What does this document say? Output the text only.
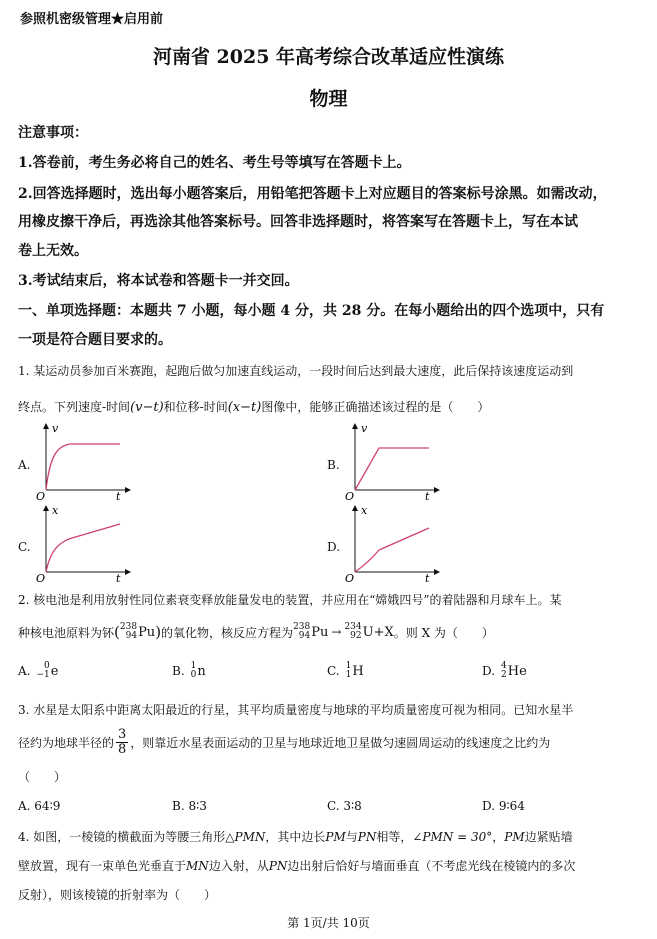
参照机密级管理★启用前
河南省 2025 年高考综合改革适应性演练
物理
注意事项：
1.答卷前，考生务必将自己的姓名、考生号等填写在答题卡上。
2.回答选择题时，选出每小题答案后，用铅笔把答题卡上对应题目的答案标号涂黑。如需改动，
用橡皮擦干净后，再选涂其他答案标号。回答非选择题时，将答案写在答题卡上，写在本试
卷上无效。
3.考试结束后，将本试卷和答题卡一并交回。
一、单项选择题：本题共 7 小题，每小题 4 分，共 28 分。在每小题给出的四个选项中，只有
一项是符合题目要求的。
1. 某运动员参加百米赛跑，起跑后做匀加速直线运动，一段时间后达到最大速度，此后保持该速度运动到
终点。下列速度-时间(v−t)和位移-时间(x−t)图像中，能够正确描述该过程的是（　　）
A.
v
t
O
B.
v
t
O
C.
x
t
O
D.
x
t
O
2. 核电池是利用放射性同位素衰变释放能量发电的装置，并应用在“嫦娥四号”的着陆器和月球车上。某
种核电池原料为钚 ( 238
94 Pu ) 的氧化物，核反应方程为 238
94 Pu → 234
92 U +X 。则 X 为（　　）
A.	0
−1 e	B. 1
0 n	C. 1
1 H	D. 4
2 He
3. 水星是太阳系中距离太阳最近的行星，其平均质量密度与地球的平均质量密度可视为相同。已知水星半
径约为地球半径的 $\frac{3}{8}$ ，则靠近水星表面运动的卫星与地球近地卫星做匀速圆周运动的线速度之比约为
（　　）
A. 64∶9	B. 8∶3	C. 3∶8	D. 9∶64
4. 如图，一棱镜的横截面为等腰三角形△PMN，其中边长PM与PN相等，∠PMN = 30°，PM边紧贴墙
壁放置，现有一束单色光垂直于MN边入射，从PN边出射后恰好与墙面垂直（不考虑光线在棱镜内的多次
反射），则该棱镜的折射率为（　　）
第 1页/共 10页
